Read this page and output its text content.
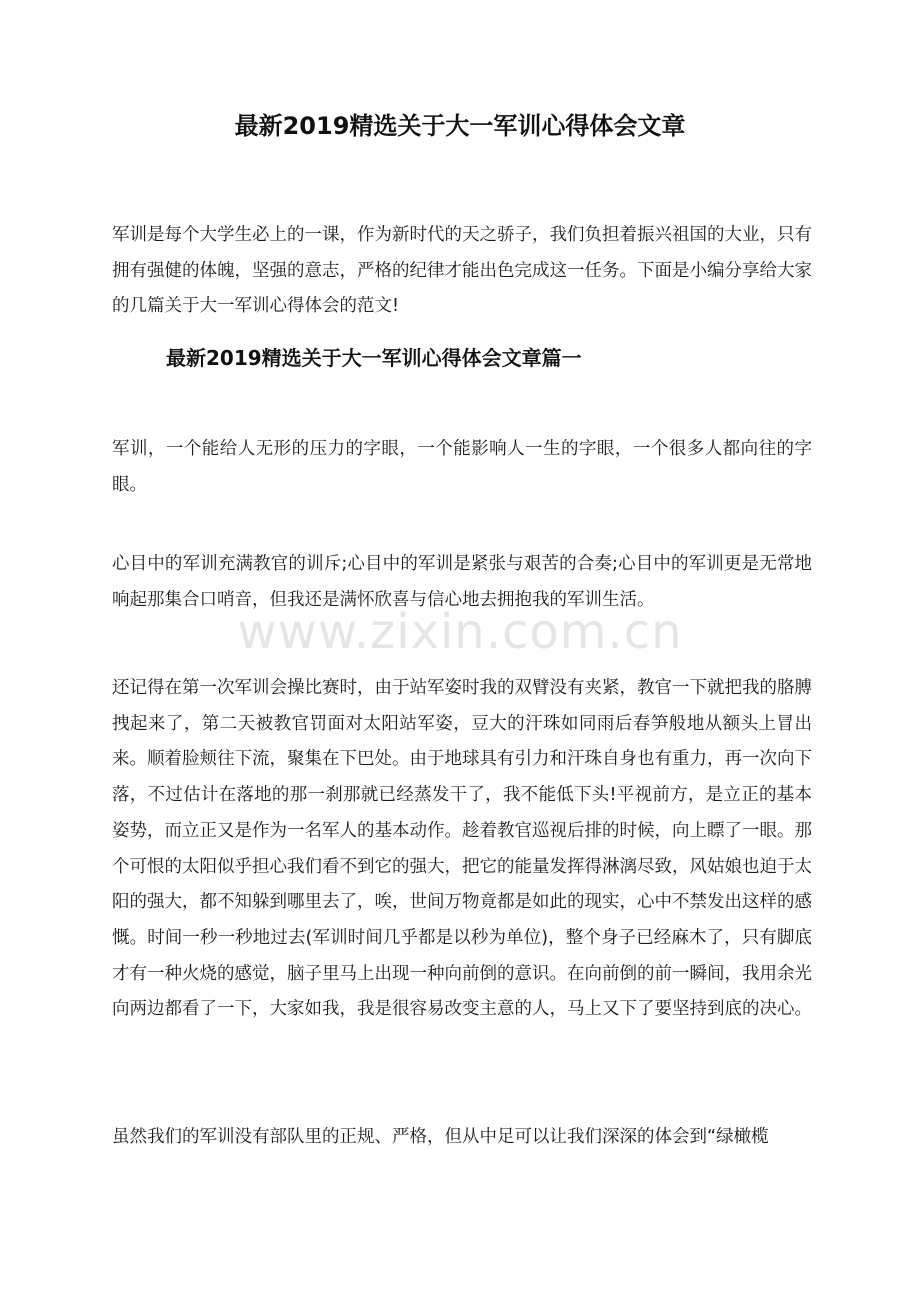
最新2019精选关于大一军训心得体会文章

军训是每个大学生必上的一课，作为新时代的天之骄子，我们负担着振兴祖国的大业，只有拥有强健的体魄，坚强的意志，严格的纪律才能出色完成这一任务。下面是小编分享给大家的几篇关于大一军训心得体会的范文!

最新2019精选关于大一军训心得体会文章篇一

军训，一个能给人无形的压力的字眼，一个能影响人一生的字眼，一个很多人都向往的字眼。

心目中的军训充满教官的训斥;心目中的军训是紧张与艰苦的合奏;心目中的军训更是无常地响起那集合口哨音，但我还是满怀欣喜与信心地去拥抱我的军训生活。

还记得在第一次军训会操比赛时，由于站军姿时我的双臂没有夹紧，教官一下就把我的胳膊拽起来了，第二天被教官罚面对太阳站军姿，豆大的汗珠如同雨后春笋般地从额头上冒出来。顺着脸颊往下流，聚集在下巴处。由于地球具有引力和汗珠自身也有重力，再一次向下落，不过估计在落地的那一刹那就已经蒸发干了，我不能低下头!平视前方，是立正的基本姿势，而立正又是作为一名军人的基本动作。趁着教官巡视后排的时候，向上瞟了一眼。那个可恨的太阳似乎担心我们看不到它的强大，把它的能量发挥得淋漓尽致，风姑娘也迫于太阳的强大，都不知躲到哪里去了，唉，世间万物竟都是如此的现实，心中不禁发出这样的感慨。时间一秒一秒地过去(军训时间几乎都是以秒为单位)，整个身子已经麻木了，只有脚底才有一种火烧的感觉，脑子里马上出现一种向前倒的意识。在向前倒的前一瞬间，我用余光向两边都看了一下，大家如我，我是很容易改变主意的人，马上又下了要坚持到底的决心。

虽然我们的军训没有部队里的正规、严格，但从中足可以让我们深深的体会到“绿橄榄

www.zixin.com.cn
